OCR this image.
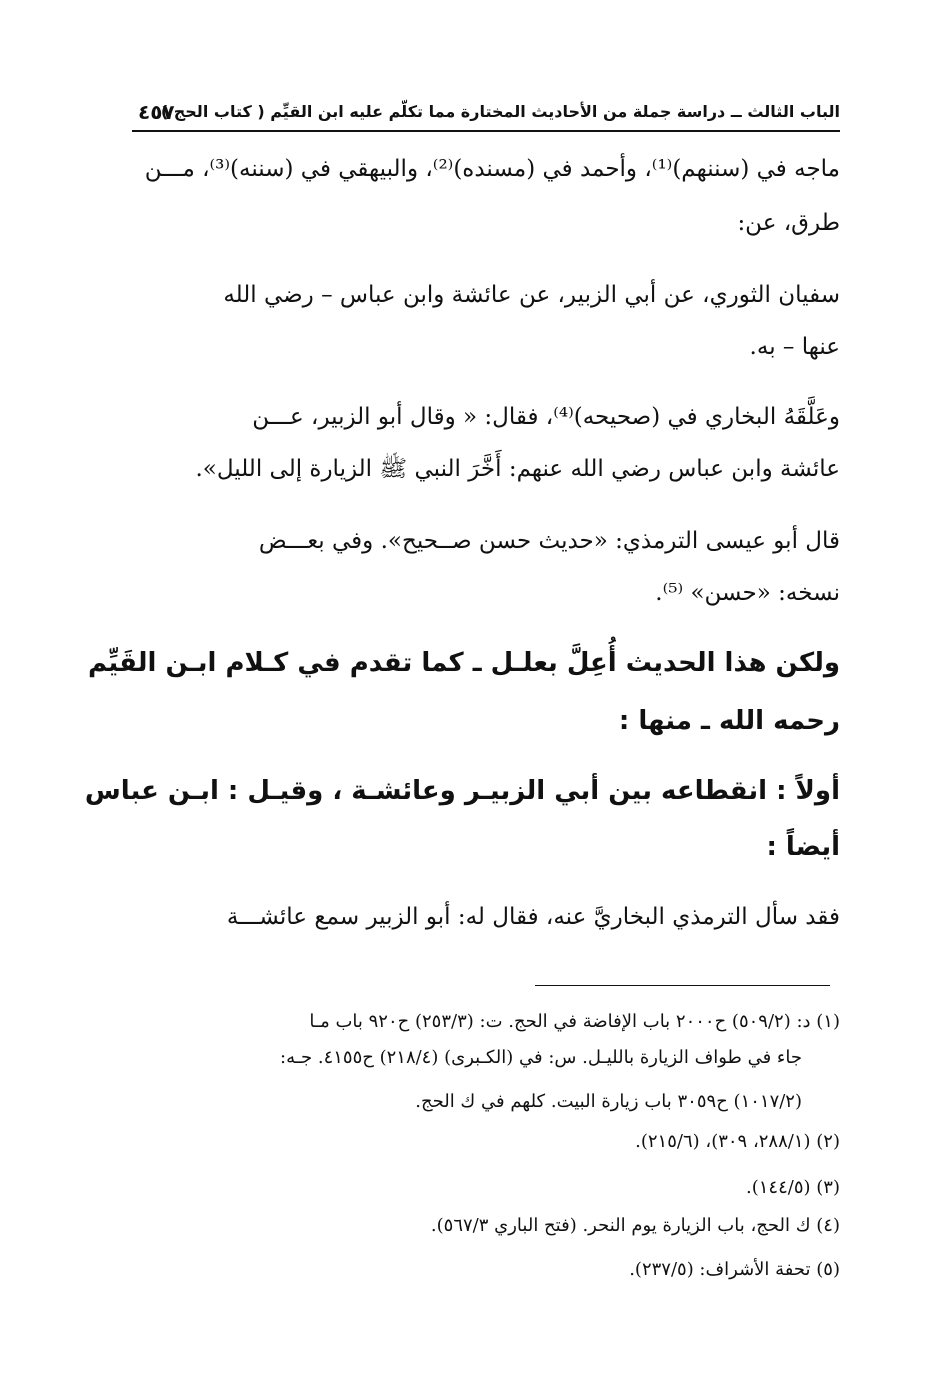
الباب الثالث ــ دراسة جملة من الأحاديث المختارة مما تكلّم عليه ابن القيِّم ( كتاب الحج )
٤٥٧

ماجه في (سننهم)⁽¹⁾، وأحمد في (مسنده)⁽²⁾، والبيهقي في (سننه)⁽³⁾، مـــن

طرق، عن:

سفيان الثوري، عن أبي الزبير، عن عائشة وابن عباس – رضي الله

عنها – به.

وعَلَّقَهُ البخاري في (صحيحه)⁽⁴⁾، فقال: « وقال أبو الزبير، عـــن

عائشة وابن عباس رضي الله عنهم: أَخَّرَ النبي ﷺ الزيارة إلى الليل».

قال أبو عيسى الترمذي: «حديث حسن صــحيح». وفي بعـــض

نسخه: «حسن» ⁽⁵⁾.

ولكن هذا الحديث أُعِلَّ بعلـل ـ كما تقدم في كـلام ابـن القَيِّم

رحمه الله ـ منها :

أولاً : انقطاعه بين أبي الزبيـر وعائشـة ، وقيـل : ابـن عباس

أيضاً :

فقد سأل الترمذي البخاريَّ عنه، فقال له: أبو الزبير سمع عائشـــة

(١) د: (٥٠٩/٢) ح٢٠٠٠ باب الإفاضة في الحج. ت: (٢٥٣/٣) ح٩٢٠ باب مـا

جاء في طواف الزيارة بالليـل. س: في (الكـبرى) (٢١٨/٤) ح٤١٥٥. جـه:

(١٠١٧/٢) ح٣٠٥٩ باب زيارة البيت. كلهم في ك الحج.

(٢) (٢٨٨/١، ٣٠٩)، (٢١٥/٦).

(٣) (١٤٤/٥).

(٤) ك الحج، باب الزيارة يوم النحر. (فتح الباري ٥٦٧/٣).

(٥) تحفة الأشراف: (٢٣٧/٥).
